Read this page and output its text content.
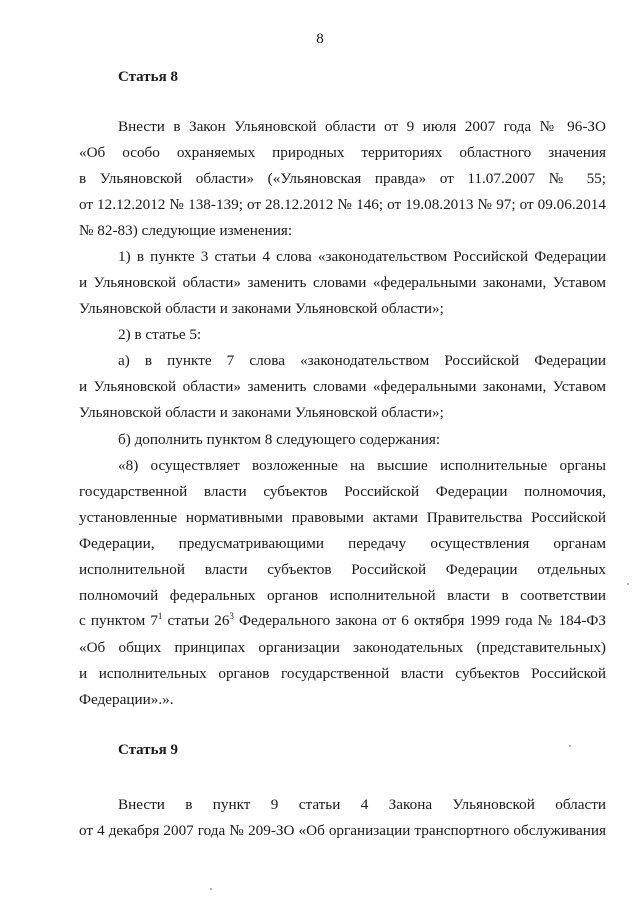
8
Статья 8
Внести в Закон Ульяновской области от 9 июля 2007 года № 96-ЗО
«Об особо охраняемых природных территориях областного значения
в Ульяновской области» («Ульяновская правда» от 11.07.2007 № 55;
от 12.12.2012 № 138-139; от 28.12.2012 № 146; от 19.08.2013 № 97; от 09.06.2014
№ 82-83) следующие изменения:
1) в пункте 3 статьи 4 слова «законодательством Российской Федерации
и Ульяновской области» заменить словами «федеральными законами, Уставом
Ульяновской области и законами Ульяновской области»;
2) в статье 5:
а) в пункте 7 слова «законодательством Российской Федерации
и Ульяновской области» заменить словами «федеральными законами, Уставом
Ульяновской области и законами Ульяновской области»;
б) дополнить пунктом 8 следующего содержания:
«8) осуществляет возложенные на высшие исполнительные органы
государственной власти субъектов Российской Федерации полномочия,
установленные нормативными правовыми актами Правительства Российской
Федерации, предусматривающими передачу осуществления органам
исполнительной власти субъектов Российской Федерации отдельных
полномочий федеральных органов исполнительной власти в соответствии
с пунктом $7^1$ статьи $26^3$ Федерального закона от 6 октября 1999 года № 184-ФЗ
«Об общих принципах организации законодательных (представительных)
и исполнительных органов государственной власти субъектов Российской
Федерации».».
Статья 9
Внести в пункт 9 статьи 4 Закона Ульяновской области
от 4 декабря 2007 года № 209-ЗО «Об организации транспортного обслуживания
